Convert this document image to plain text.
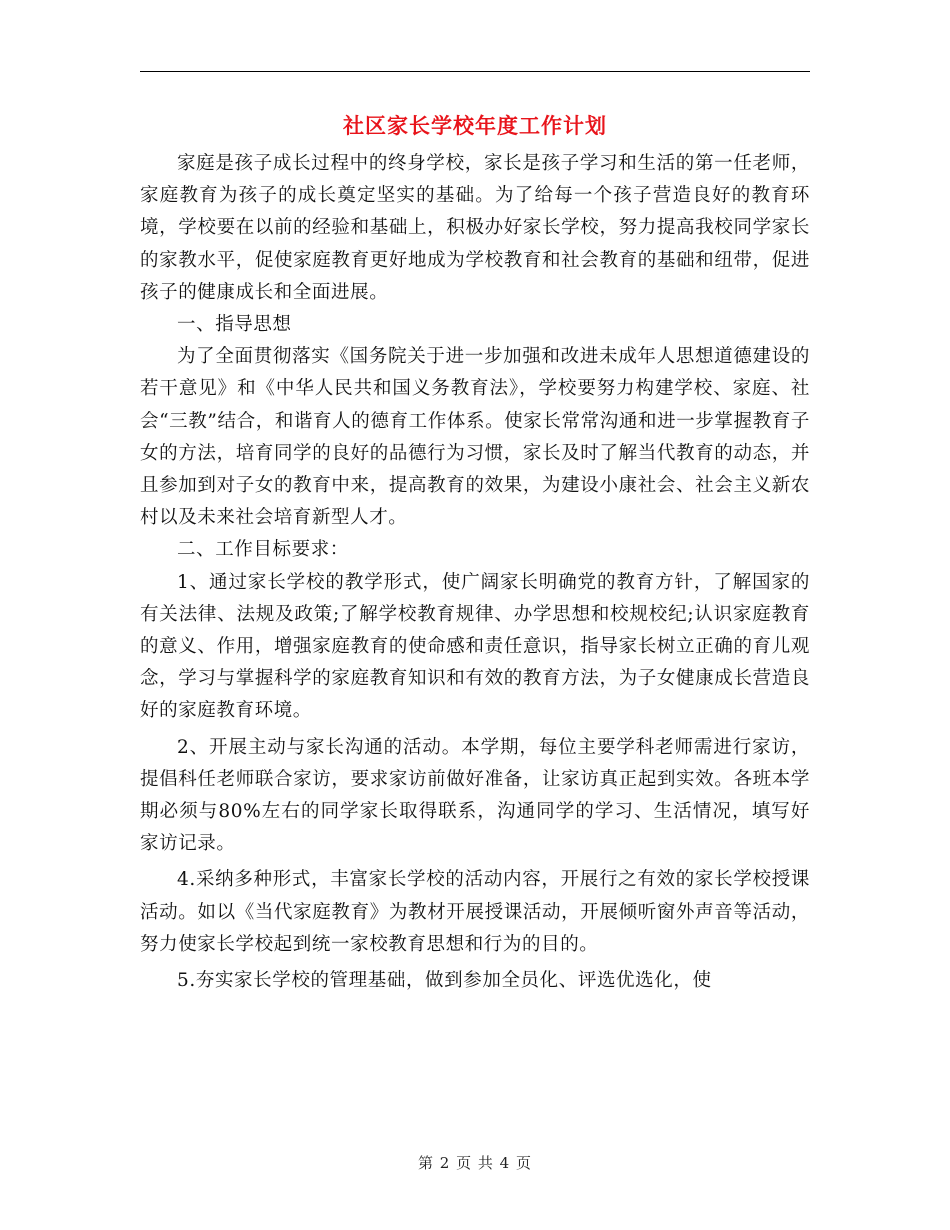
社区家长学校年度工作计划

家庭是孩子成长过程中的终身学校，家长是孩子学习和生活的第一任老师，家庭教育为孩子的成长奠定坚实的基础。为了给每一个孩子营造良好的教育环境，学校要在以前的经验和基础上，积极办好家长学校，努力提高我校同学家长的家教水平，促使家庭教育更好地成为学校教育和社会教育的基础和纽带，促进孩子的健康成长和全面进展。

一、指导思想

为了全面贯彻落实《国务院关于进一步加强和改进未成年人思想道德建设的若干意见》和《中华人民共和国义务教育法》，学校要努力构建学校、家庭、社会“三教”结合，和谐育人的德育工作体系。使家长常常沟通和进一步掌握教育子女的方法，培育同学的良好的品德行为习惯，家长及时了解当代教育的动态，并且参加到对子女的教育中来，提高教育的效果，为建设小康社会、社会主义新农村以及未来社会培育新型人才。

二、工作目标要求：

1、通过家长学校的教学形式，使广阔家长明确党的教育方针，了解国家的有关法律、法规及政策;了解学校教育规律、办学思想和校规校纪;认识家庭教育的意义、作用，增强家庭教育的使命感和责任意识，指导家长树立正确的育儿观念，学习与掌握科学的家庭教育知识和有效的教育方法，为子女健康成长营造良好的家庭教育环境。

2、开展主动与家长沟通的活动。本学期，每位主要学科老师需进行家访，提倡科任老师联合家访，要求家访前做好准备，让家访真正起到实效。各班本学期必须与80%左右的同学家长取得联系，沟通同学的学习、生活情况，填写好家访记录。

4.采纳多种形式，丰富家长学校的活动内容，开展行之有效的家长学校授课活动。如以《当代家庭教育》为教材开展授课活动，开展倾听窗外声音等活动，努力使家长学校起到统一家校教育思想和行为的目的。

5.夯实家长学校的管理基础，做到参加全员化、评选优选化，使

第 2 页 共 4 页
